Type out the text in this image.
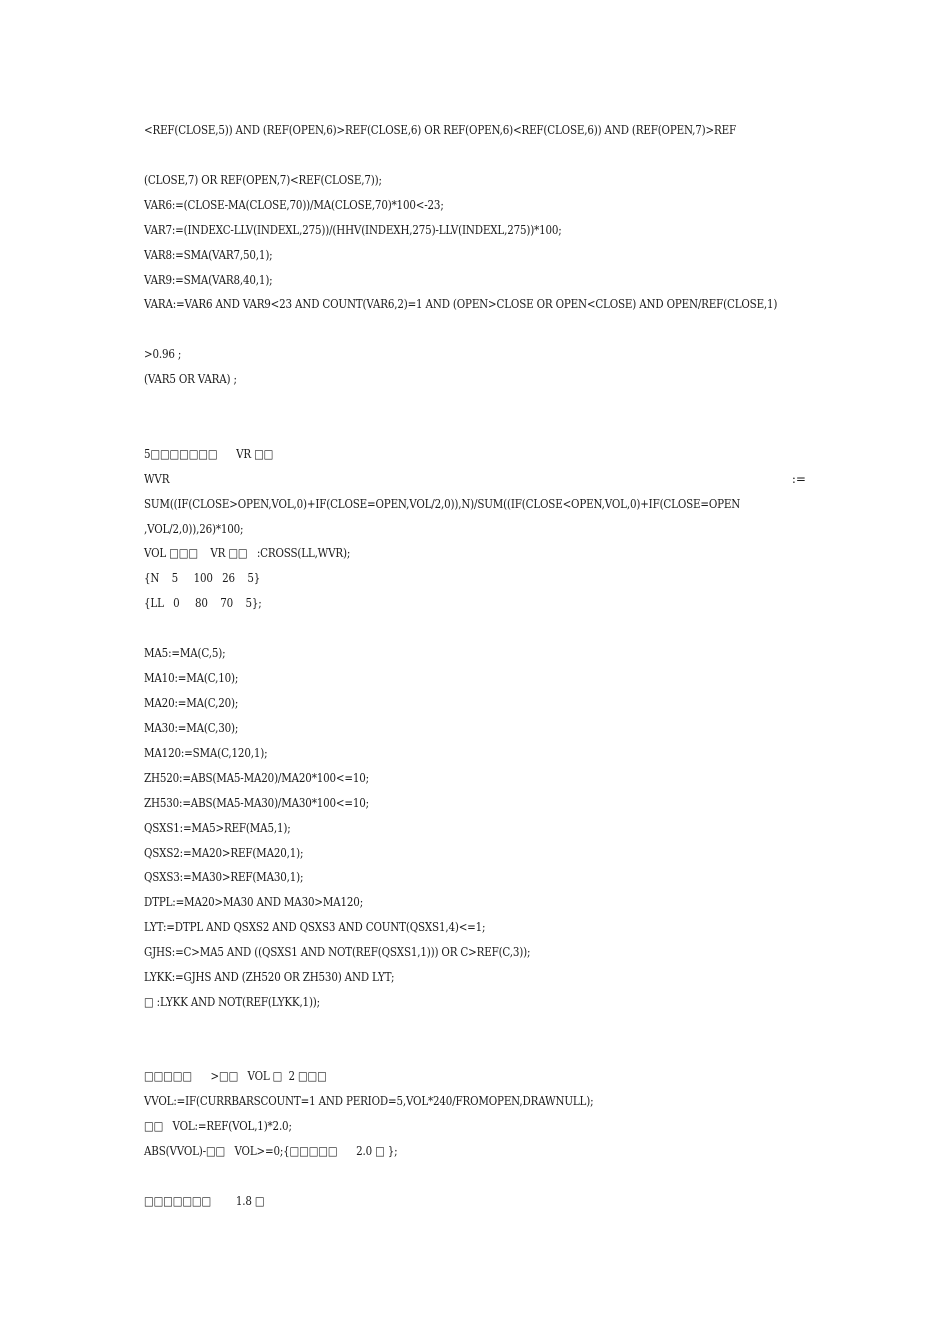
<REF(CLOSE,5)) AND (REF(OPEN,6)>REF(CLOSE,6) OR REF(OPEN,6)<REF(CLOSE,6)) AND (REF(OPEN,7)>REF

(CLOSE,7) OR REF(OPEN,7)<REF(CLOSE,7));

VAR6:=(CLOSE-MA(CLOSE,70))/MA(CLOSE,70)*100<-23;

VAR7:=(INDEXC-LLV(INDEXL,275))/(HHV(INDEXH,275)-LLV(INDEXL,275))*100;

VAR8:=SMA(VAR7,50,1);

VAR9:=SMA(VAR8,40,1);

VARA:=VAR6 AND VAR9<23 AND COUNT(VAR6,2)=1 AND (OPEN>CLOSE OR OPEN<CLOSE) AND OPEN/REF(CLOSE,1)

>0.96 ;

(VAR5 OR VARA) ;

5□□□□□□□      VR □□

WVR	:=

SUM((IF(CLOSE>OPEN,VOL,0)+IF(CLOSE=OPEN,VOL/2,0)),N)/SUM((IF(CLOSE<OPEN,VOL,0)+IF(CLOSE=OPEN

,VOL/2,0)),26)*100;

VOL □□□    VR □□   :CROSS(LL,WVR);

{N    5     100   26    5}

{LL   0     80    70    5};

MA5:=MA(C,5);

MA10:=MA(C,10);

MA20:=MA(C,20);

MA30:=MA(C,30);

MA120:=SMA(C,120,1);

ZH520:=ABS(MA5-MA20)/MA20*100<=10;

ZH530:=ABS(MA5-MA30)/MA30*100<=10;

QSXS1:=MA5>REF(MA5,1);

QSXS2:=MA20>REF(MA20,1);

QSXS3:=MA30>REF(MA30,1);

DTPL:=MA20>MA30 AND MA30>MA120;

LYT:=DTPL AND QSXS2 AND QSXS3 AND COUNT(QSXS1,4)<=1;

GJHS:=C>MA5 AND ((QSXS1 AND NOT(REF(QSXS1,1))) OR C>REF(C,3));

LYKK:=GJHS AND (ZH520 OR ZH530) AND LYT;

□ :LYKK AND NOT(REF(LYKK,1));

□□□□□      >□□   VOL □  2 □□□

VVOL:=IF(CURRBARSCOUNT=1 AND PERIOD=5,VOL*240/FROMOPEN,DRAWNULL);

□□   VOL:=REF(VOL,1)*2.0;

ABS(VVOL)-□□   VOL>=0;{□□□□□      2.0 □ };

□□□□□□□        1.8 □
